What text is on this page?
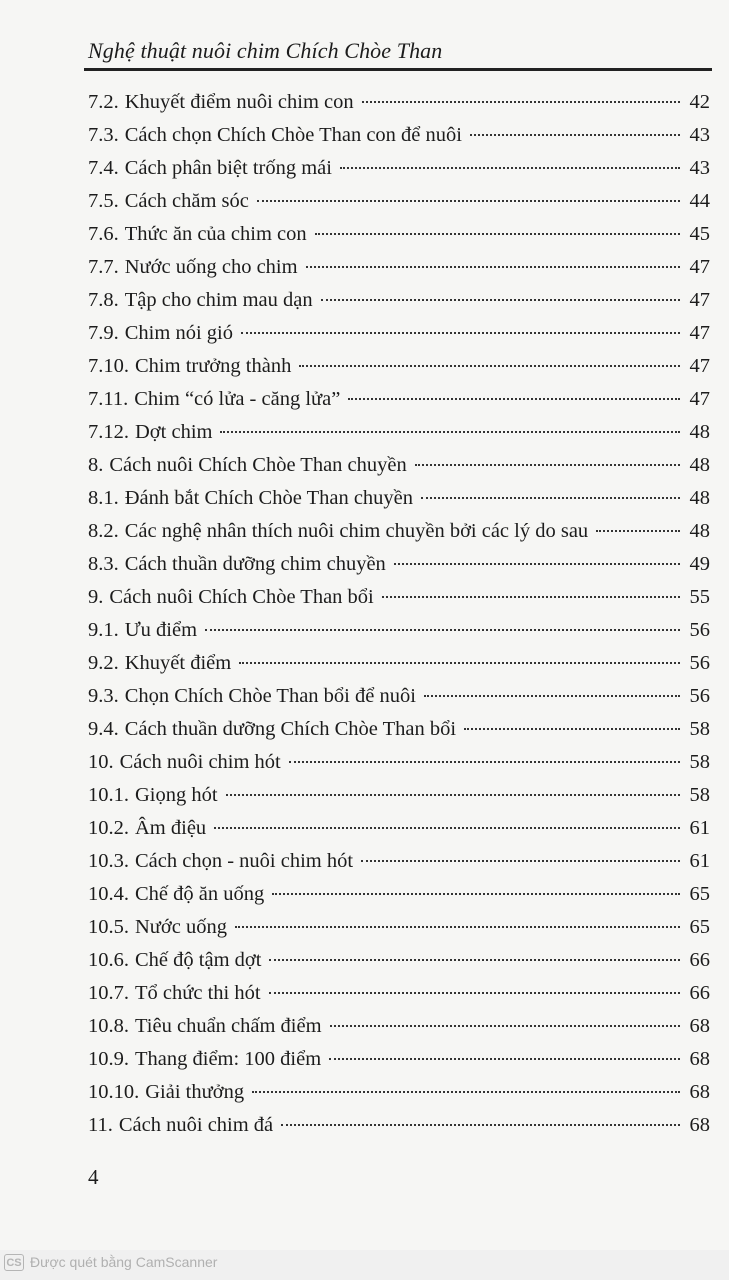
Nghệ thuật nuôi chim Chích Chòe Than
7.2. Khuyết điểm nuôi chim con	42
7.3. Cách chọn Chích Chòe Than con để nuôi	43
7.4. Cách phân biệt trống mái	43
7.5. Cách chăm sóc	44
7.6. Thức ăn của chim con	45
7.7. Nước uống cho chim	47
7.8. Tập cho chim mau dạn	47
7.9. Chim nói gió	47
7.10. Chim trưởng thành	47
7.11. Chim “có lửa - căng lửa”	47
7.12. Dợt chim	48
8. Cách nuôi Chích Chòe Than chuyền	48
8.1. Đánh bắt Chích Chòe Than chuyền	48
8.2. Các nghệ nhân thích nuôi chim chuyền bởi các lý do sau	48
8.3. Cách thuần dưỡng chim chuyền	49
9. Cách nuôi Chích Chòe Than bổi	55
9.1. Ưu điểm	56
9.2. Khuyết điểm	56
9.3. Chọn Chích Chòe Than bổi để nuôi	56
9.4. Cách thuần dưỡng Chích Chòe Than bổi	58
10. Cách nuôi chim hót	58
10.1. Giọng hót	58
10.2. Âm điệu	61
10.3. Cách chọn - nuôi chim hót	61
10.4. Chế độ ăn uống	65
10.5. Nước uống	65
10.6. Chế độ tậm dợt	66
10.7. Tổ chức thi hót	66
10.8. Tiêu chuẩn chấm điểm	68
10.9. Thang điểm: 100 điểm	68
10.10. Giải thưởng	68
11. Cách nuôi chim đá	68
4
CS Được quét bằng CamScanner
